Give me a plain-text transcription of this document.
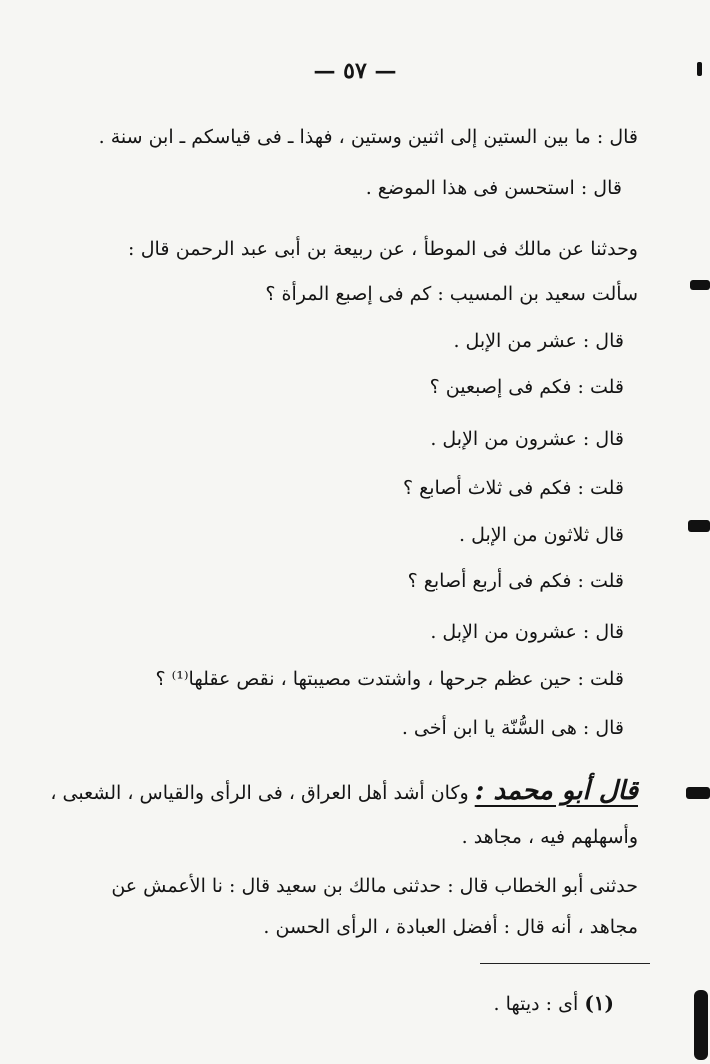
— ٥٧ —
قال : ما بين الستين إلى اثنين وستين ، فهذا ـ فى قياسكم ـ ابن سنة .
قال : استحسن فى هذا الموضع .
وحدثنا عن مالك فى الموطأ ، عن ربيعة بن أبى عبد الرحمن قال :
سألت سعيد بن المسيب : كم فى إصبع المرأة ؟
قال : عشر من الإبل .
قلت : فكم فى إصبعين ؟
قال : عشرون من الإبل .
قلت : فكم فى ثلاث أصابع ؟
قال ثلاثون من الإبل .
قلت : فكم فى أربع أصابع ؟
قال : عشرون من الإبل .
قلت : حين عظم جرحها ، واشتدت مصيبتها ، نقص عقلها⁽¹⁾ ؟
قال : هى السُّنّة يا ابن أخى .
قال أبو محمد : وكان أشد أهل العراق ، فى الرأى والقياس ، الشعبى ،
وأسهلهم فيه ، مجاهد .
حدثنى أبو الخطاب قال : حدثنى مالك بن سعيد قال : نا الأعمش عن
مجاهد ، أنه قال : أفضل العبادة ، الرأى الحسن .
(١) أى : ديتها .
